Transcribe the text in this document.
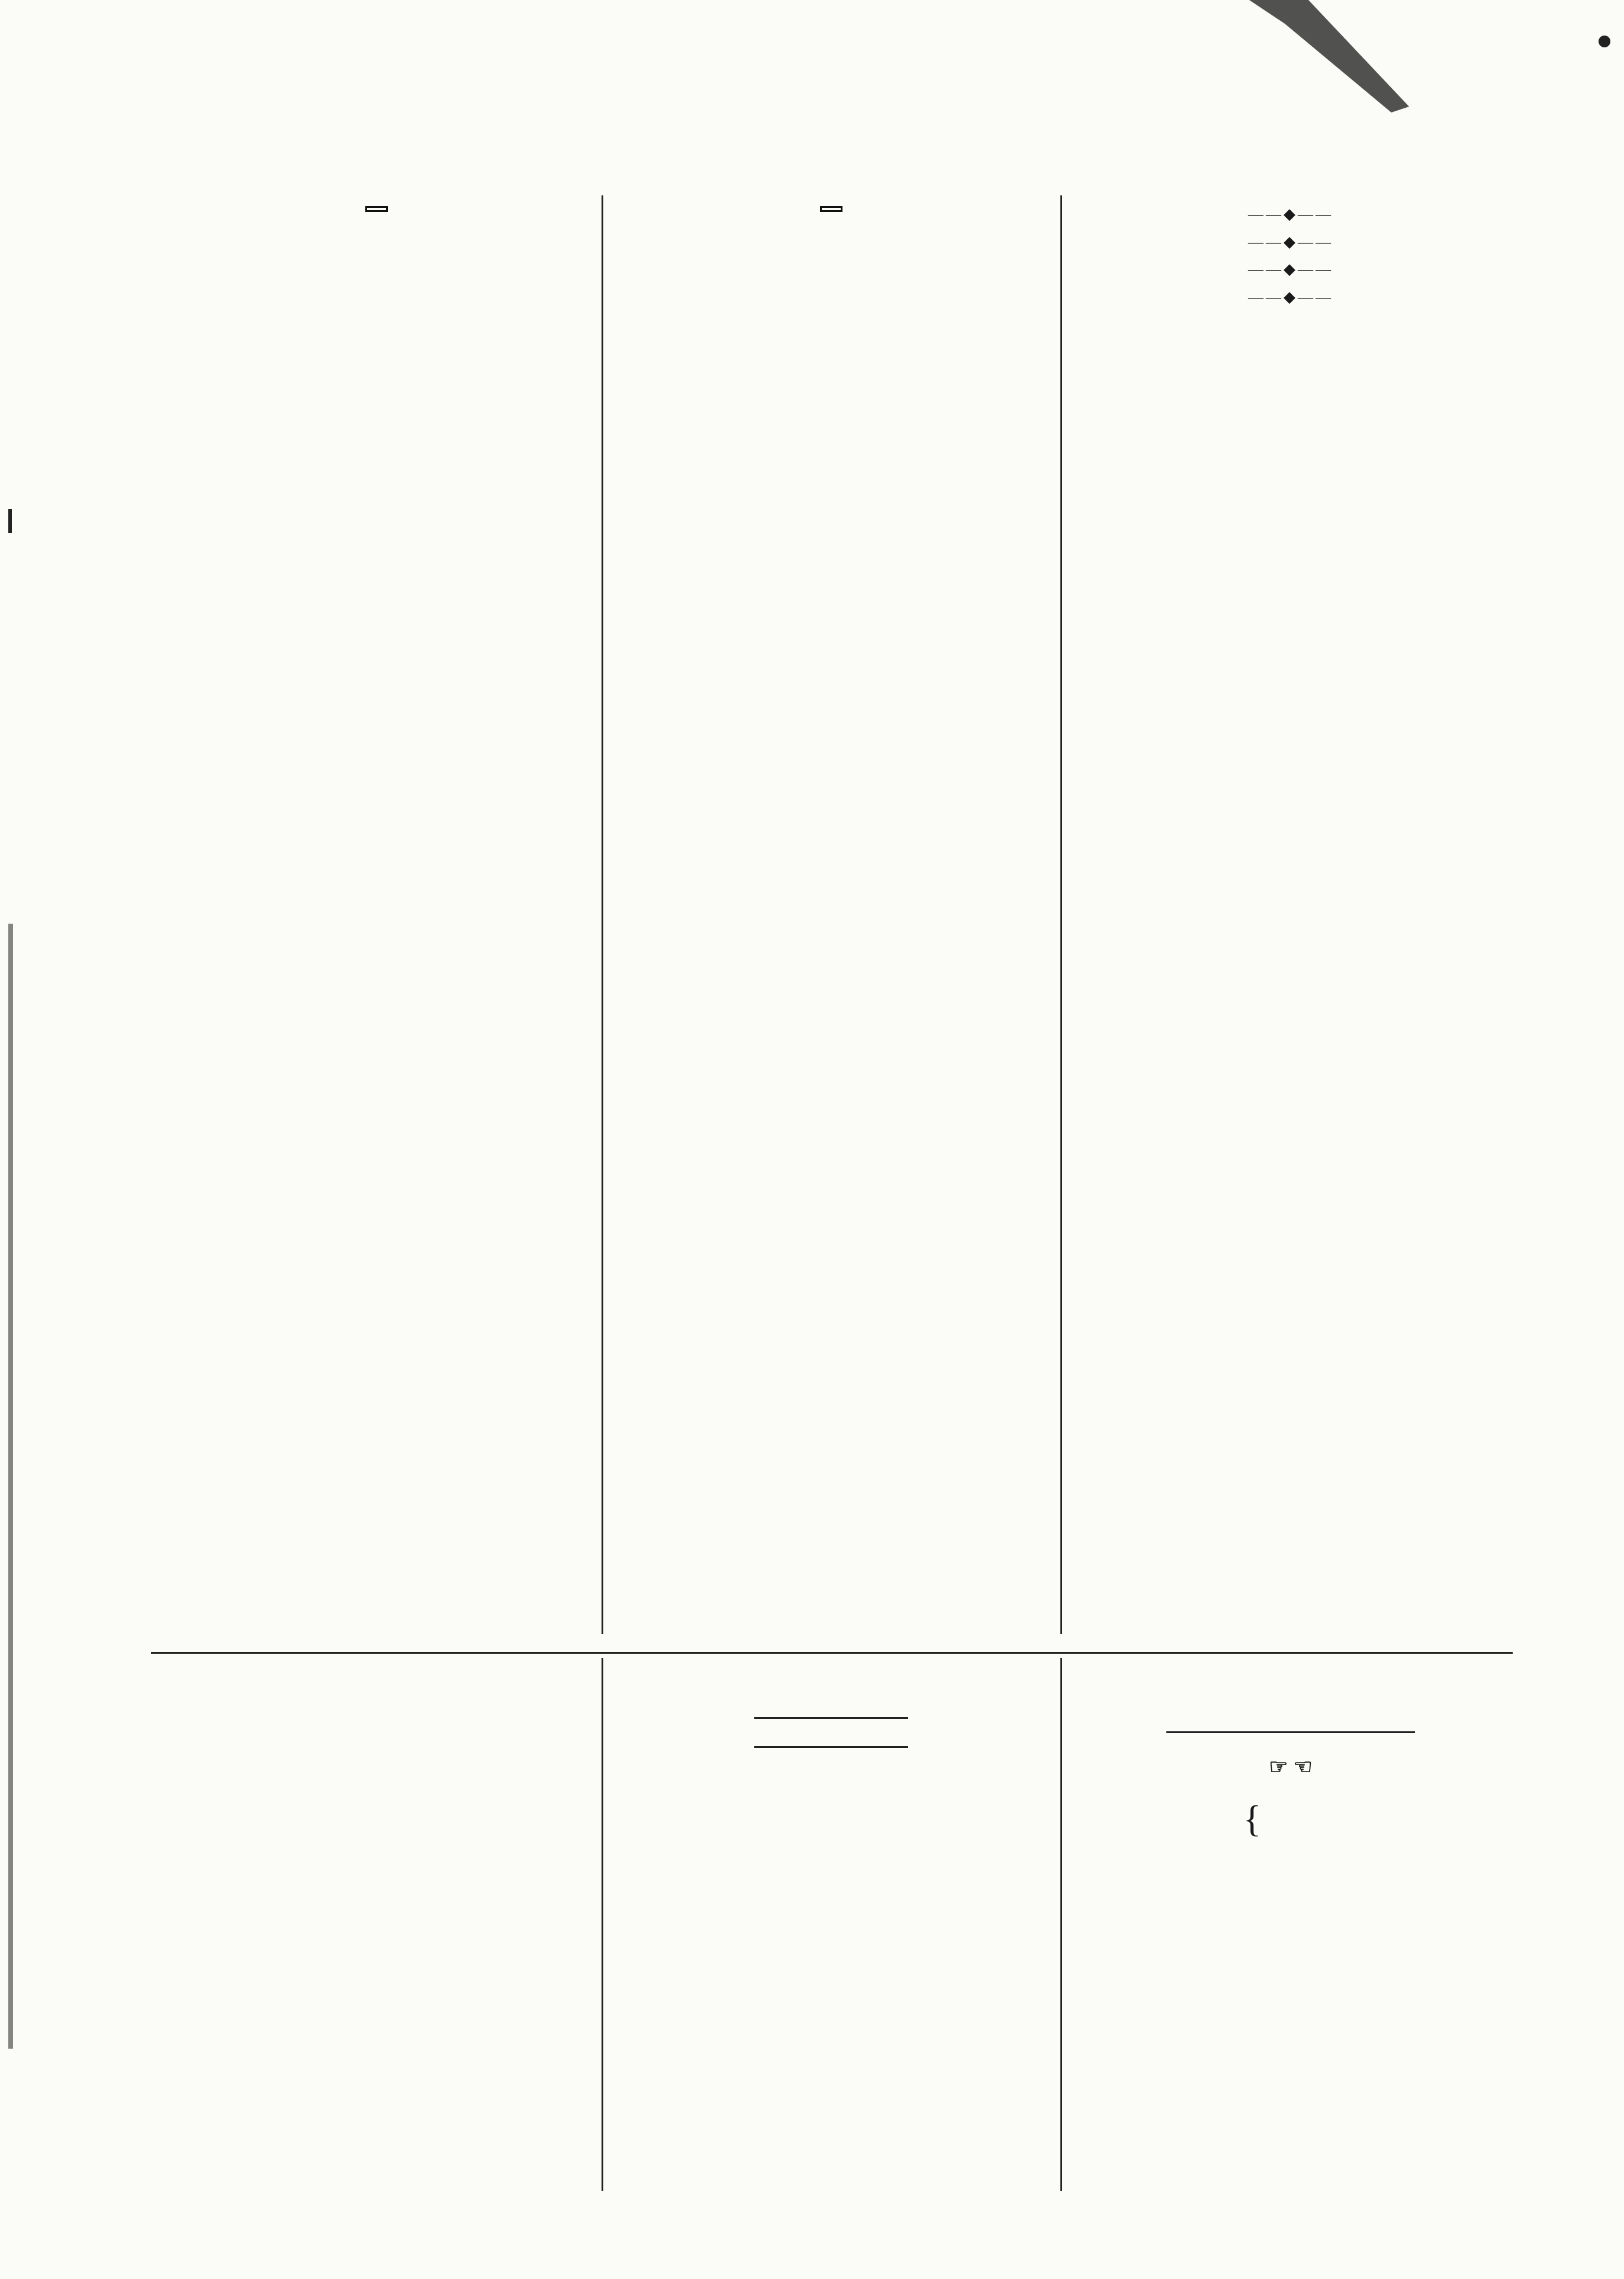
——◆——

——◆——

——◆——

——◆——

☞ ☜
{
